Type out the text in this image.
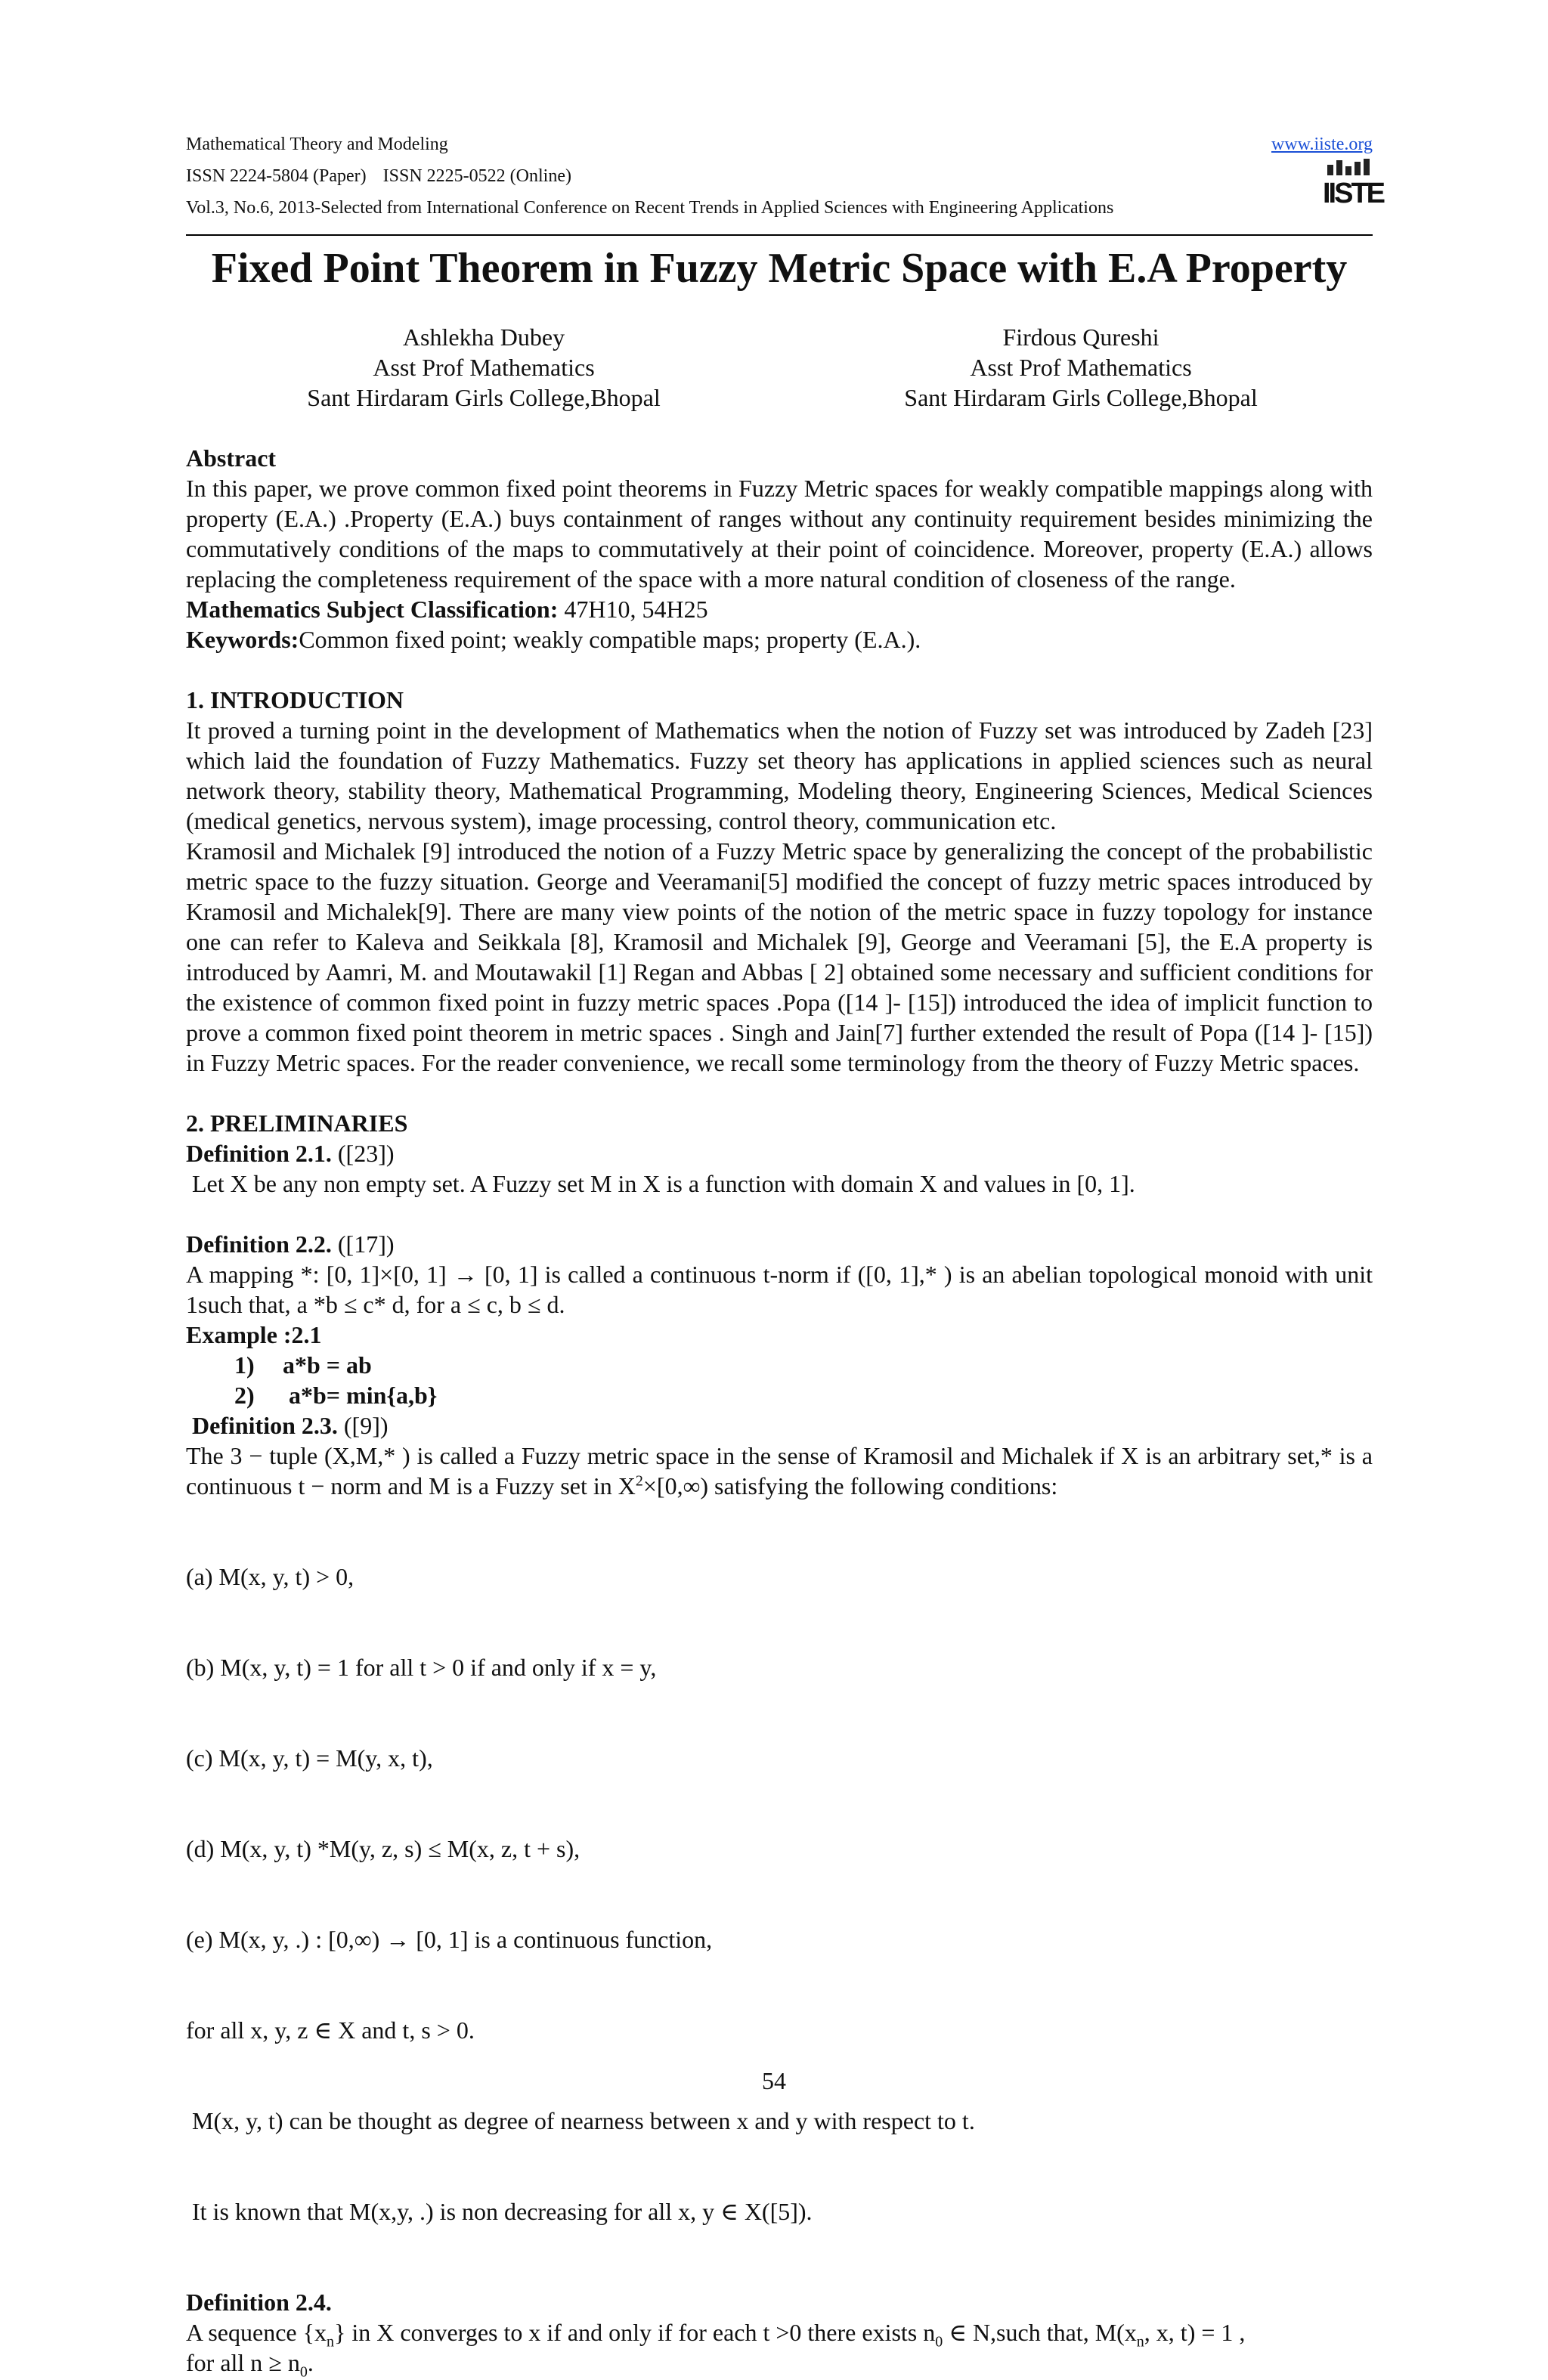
Mathematical Theory and Modeling	www.iiste.org
ISSN 2224-5804 (Paper) ISSN 2225-0522 (Online)
Vol.3, No.6, 2013-Selected from International Conference on Recent Trends in Applied Sciences with Engineering Applications	IISTE
Fixed Point Theorem in Fuzzy Metric Space with E.A Property
Ashlekha Dubey
Asst Prof Mathematics
Sant Hirdaram Girls College,Bhopal
Firdous Qureshi
Asst Prof Mathematics
Sant Hirdaram Girls College,Bhopal

Abstract

In this paper, we prove common fixed point theorems in Fuzzy Metric spaces for weakly compatible mappings along with property (E.A.) .Property (E.A.) buys containment of ranges without any continuity requirement besides minimizing the commutatively conditions of the maps to commutatively at their point of coincidence. Moreover, property (E.A.) allows replacing the completeness requirement of the space with a more natural condition of closeness of the range.

Mathematics Subject Classification: 47H10, 54H25

Keywords:Common fixed point; weakly compatible maps; property (E.A.).

1. INTRODUCTION

It proved a turning point in the development of Mathematics when the notion of Fuzzy set was introduced by Zadeh [23] which laid the foundation of Fuzzy Mathematics. Fuzzy set theory has applications in applied sciences such as neural network theory, stability theory, Mathematical Programming, Modeling theory, Engineering Sciences, Medical Sciences (medical genetics, nervous system), image processing, control theory, communication etc.

Kramosil and Michalek [9] introduced the notion of a Fuzzy Metric space by generalizing the concept of the probabilistic metric space to the fuzzy situation. George and Veeramani[5] modified the concept of fuzzy metric spaces introduced by Kramosil and Michalek[9]. There are many view points of the notion of the metric space in fuzzy topology for instance one can refer to Kaleva and Seikkala [8], Kramosil and Michalek [9], George and Veeramani [5], the E.A property is introduced by Aamri, M. and Moutawakil [1] Regan and Abbas [ 2] obtained some necessary and sufficient conditions for the existence of common fixed point in fuzzy metric spaces .Popa ([14 ]- [15]) introduced the idea of implicit function to prove a common fixed point theorem in metric spaces . Singh and Jain[7] further extended the result of Popa ([14 ]- [15]) in Fuzzy Metric spaces. For the reader convenience, we recall some terminology from the theory of Fuzzy Metric spaces.

2. PRELIMINARIES

Definition 2.1. ([23])

Let X be any non empty set. A Fuzzy set M in X is a function with domain X and values in [0, 1].

Definition 2.2. ([17])

A mapping *: [0, 1]×[0, 1] → [0, 1] is called a continuous t-norm if ([0, 1],* ) is an abelian topological monoid with unit 1such that, a *b ≤ c* d, for a ≤ c, b ≤ d.

Example :2.1

1) a*b = ab
2) a*b= min{a,b}

Definition 2.3. ([9])

The 3 − tuple (X,M,* ) is called a Fuzzy metric space in the sense of Kramosil and Michalek if X is an arbitrary set,* is a continuous t − norm and M is a Fuzzy set in $X^2\times[0,\infty)$ satisfying the following conditions:

(a) M(x, y, t) > 0,

(b) M(x, y, t) = 1 for all t > 0 if and only if x = y,

(c) M(x, y, t) = M(y, x, t),

(d) M(x, y, t) *M(y, z, s) ≤ M(x, z, t + s),

(e) M(x, y, .) : [0,∞) → [0, 1] is a continuous function,

for all x, y, z ∈ X and t, s > 0.

M(x, y, t) can be thought as degree of nearness between x and y with respect to t.

It is known that M(x,y, .) is non decreasing for all x, y ∈ X([5]).

Definition 2.4.

A sequence $\{x_n\}$ in X converges to x if and only if for each t >0 there exists $n_0$ ∈ N,such that, $M(x_n$, x, t) = 1 ,

for all $n \ge n_0$.

54
